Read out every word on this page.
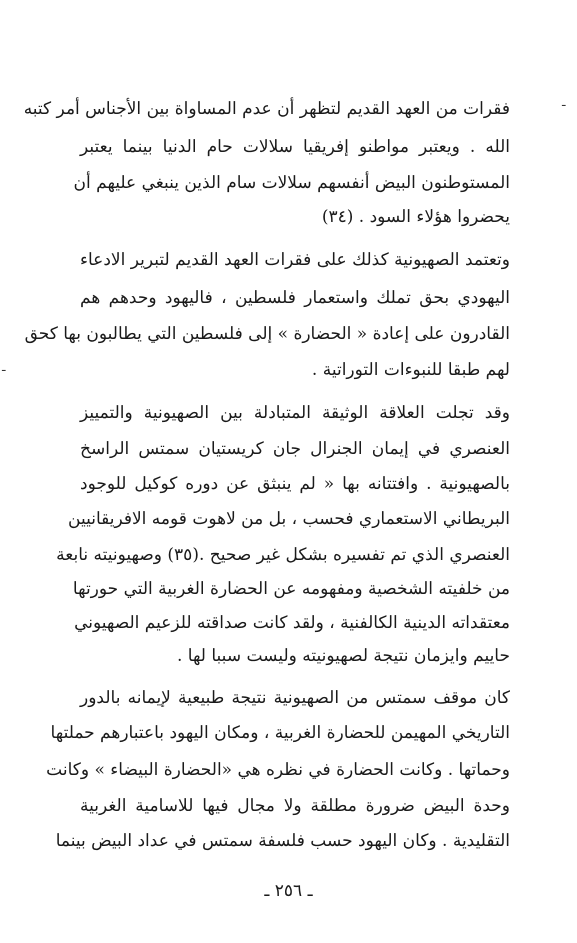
ـ
ـ
فقرات من العهد القديم لتظهر أن عدم المساواة بين الأجناس أمر كتبه
الله . ويعتبر مواطنو إفريقيا سلالات حام الدنيا بينما يعتبر
المستوطنون البيض أنفسهم سلالات سام الذين ينبغي عليهم أن
يحضروا هؤلاء السود . (٣٤)
وتعتمد الصهيونية كذلك على فقرات العهد القديم لتبرير الادعاء
اليهودي بحق تملك واستعمار فلسطين ، فاليهود وحدهم هم
القادرون على إعادة « الحضارة » إلى فلسطين التي يطالبون بها كحق
لهم طبقا للنبوءات التوراتية .
وقد تجلت العلاقة الوثيقة المتبادلة بين الصهيونية والتمييز
العنصري في إيمان الجنرال جان كريستيان سمتس الراسخ
بالصهيونية . وافتتانه بها « لم ينبثق عن دوره كوكيل للوجود
البريطاني الاستعماري فحسب ، بل من لاهوت قومه الافريقانيين
العنصري الذي تم تفسيره بشكل غير صحيح .(٣٥) وصهيونيته نابعة
من خلفيته الشخصية ومفهومه عن الحضارة الغربية التي حورتها
معتقداته الدينية الكالفنية ، ولقد كانت صداقته للزعيم الصهيوني
حاييم وايزمان نتيجة لصهيونيته وليست سببا لها .
كان موقف سمتس من الصهيونية نتيجة طبيعية لإيمانه بالدور
التاريخي المهيمن للحضارة الغربية ، ومكان اليهود باعتبارهم حملتها
وحماتها . وكانت الحضارة في نظره هي «الحضارة البيضاء » وكانت
وحدة البيض ضرورة مطلقة ولا مجال فيها للاسامية الغربية
التقليدية . وكان اليهود حسب فلسفة سمتس في عداد البيض بينما
ـ ٢٥٦ ـ
